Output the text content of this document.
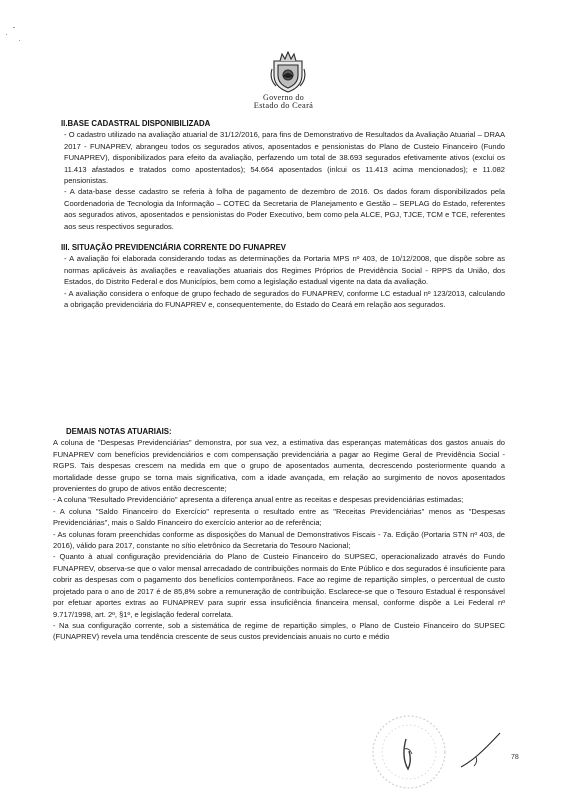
Governo do
Estado do Ceará
II.BASE CADASTRAL DISPONIBILIZADA

- O cadastro utilizado na avaliação atuarial de 31/12/2016, para fins de Demonstrativo de Resultados da Avaliação Atuarial – DRAA 2017 - FUNAPREV, abrangeu todos os segurados ativos, aposentados e pensionistas do Plano de Custeio Financeiro (Fundo FUNAPREV), disponibilizados para efeito da avaliação, perfazendo um total de 38.693 segurados efetivamente ativos (exclui os 11.413 afastados e tratados como apostentados); 54.664 aposentados (inlcui os 11.413 acima mencionados); e 11.082 pensionistas.

- A data-base desse cadastro se referia à folha de pagamento de dezembro de 2016. Os dados foram disponibilizados pela Coordenadoria de Tecnologia da Informação – COTEC da Secretaria de Planejamento e Gestão – SEPLAG do Estado, referentes aos segurados ativos, aposentados e pensionistas do Poder Executivo, bem como pela ALCE, PGJ, TJCE, TCM e TCE, referentes aos seus respectivos segurados.

III. SITUAÇÃO PREVIDENCIÁRIA CORRENTE DO FUNAPREV

- A avaliação foi elaborada considerando todas as determinações da Portaria MPS nº 403, de 10/12/2008, que dispõe sobre as normas aplicáveis às avaliações e reavaliações atuariais dos Regimes Próprios de Previdência Social - RPPS da União, dos Estados, do Distrito Federal e dos Municípios, bem como a legislação estadual vigente na data da avaliação.

- A avaliação considera o enfoque de grupo fechado de segurados do FUNAPREV, conforme LC estadual nº 123/2013, calculando a obrigação previdenciária do FUNAPREV e, consequentemente, do Estado do Ceará em relação aos segurados.

DEMAIS NOTAS ATUARIAIS:

A coluna de "Despesas Previdenciárias" demonstra, por sua vez, a estimativa das esperanças matemáticas dos gastos anuais do FUNAPREV com benefícios previdenciários e com compensação previdenciária a pagar ao Regime Geral de Previdência Social - RGPS. Tais despesas crescem na medida em que o grupo de aposentados aumenta, decrescendo posteriormente quando a mortalidade desse grupo se torna mais significativa, com a idade avançada, em relação ao surgimento de novos aposentados provenientes do grupo de ativos então decrescente;

- A coluna "Resultado Previdenciário" apresenta a diferença anual entre as receitas e despesas previdenciárias estimadas;

- A coluna "Saldo Financeiro do Exercício" representa o resultado entre as "Receitas Previdenciárias" menos as "Despesas Previdenciárias", mais o Saldo Financeiro do exercício anterior ao de referência;

- As colunas foram preenchidas conforme as disposições do Manual de Demonstrativos Fiscais - 7a. Edição (Portaria STN nº 403, de 2016), válido para 2017, constante no sítio eletrônico da Secretaria do Tesouro Nacional;

- Quanto à atual configuração previdenciária do Plano de Custeio Financeiro do SUPSEC, operacionalizado através do Fundo FUNAPREV, observa-se que o valor mensal arrecadado de contribuições normais do Ente Público e dos segurados é insuficiente para cobrir as despesas com o pagamento dos benefícios contemporâneos. Face ao regime de repartição simples, o percentual de custo projetado para o ano de 2017 é de 85,8% sobre a remuneração de contribuição. Esclarece-se que o Tesouro Estadual é responsável por efetuar aportes extras ao FUNAPREV para suprir essa insuficiência financeira mensal, conforme dispõe a Lei Federal nº 9.717/1998, art. 2º, §1º, e legislação federal correlata.

- Na sua configuração corrente, sob a sistemática de regime de repartição simples, o Plano de Custeio Financeiro do SUPSEC (FUNAPREV) revela uma tendência crescente de seus custos previdenciais anuais no curto e médio

78
